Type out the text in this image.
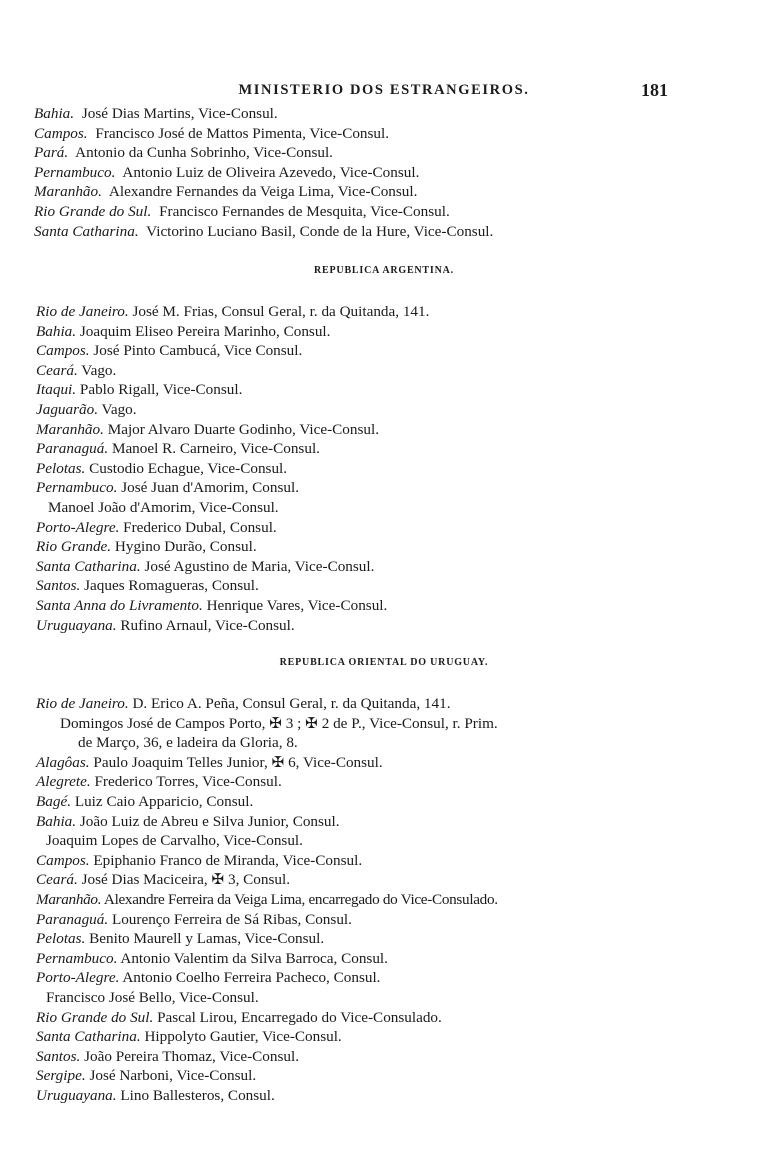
MINISTERIO DOS ESTRANGEIROS.	181
Bahia. José Dias Martins, Vice-Consul.
Campos. Francisco José de Mattos Pimenta, Vice-Consul.
Pará. Antonio da Cunha Sobrinho, Vice-Consul.
Pernambuco. Antonio Luiz de Oliveira Azevedo, Vice-Consul.
Maranhão. Alexandre Fernandes da Veiga Lima, Vice-Consul.
Rio Grande do Sul. Francisco Fernandes de Mesquita, Vice-Consul.
Santa Catharina. Victorino Luciano Basil, Conde de la Hure, Vice-Consul.
REPUBLICA ARGENTINA.
Rio de Janeiro. José M. Frias, Consul Geral, r. da Quitanda, 141.
Bahia. Joaquim Eliseo Pereira Marinho, Consul.
Campos. José Pinto Cambucá, Vice Consul.
Ceará. Vago.
Itaqui. Pablo Rigall, Vice-Consul.
Jaguarão. Vago.
Maranhão. Major Alvaro Duarte Godinho, Vice-Consul.
Paranaguá. Manoel R. Carneiro, Vice-Consul.
Pelotas. Custodio Echague, Vice-Consul.
Pernambuco. José Juan d'Amorim, Consul.
Manoel João d'Amorim, Vice-Consul.
Porto-Alegre. Frederico Dubal, Consul.
Rio Grande. Hygino Durão, Consul.
Santa Catharina. José Agustino de Maria, Vice-Consul.
Santos. Jaques Romagueras, Consul.
Santa Anna do Livramento. Henrique Vares, Vice-Consul.
Uruguayana. Rufino Arnaul, Vice-Consul.
REPUBLICA ORIENTAL DO URUGUAY.
Rio de Janeiro. D. Erico A. Peña, Consul Geral, r. da Quitanda, 141.
Domingos José de Campos Porto, ✠ 3 ; ✠ 2 de P., Vice-Consul, r. Prim.
de Março, 36, e ladeira da Gloria, 8.
Alagôas. Paulo Joaquim Telles Junior, ✠ 6, Vice-Consul.
Alegrete. Frederico Torres, Vice-Consul.
Bagé. Luiz Caio Apparicio, Consul.
Bahia. João Luiz de Abreu e Silva Junior, Consul.
Joaquim Lopes de Carvalho, Vice-Consul.
Campos. Epiphanio Franco de Miranda, Vice-Consul.
Ceará. José Dias Maciceira, ✠ 3, Consul.
Maranhão. Alexandre Ferreira da Veiga Lima, encarregado do Vice-Consulado.
Paranaguá. Lourenço Ferreira de Sá Ribas, Consul.
Pelotas. Benito Maurell y Lamas, Vice-Consul.
Pernambuco. Antonio Valentim da Silva Barroca, Consul.
Porto-Alegre. Antonio Coelho Ferreira Pacheco, Consul.
Francisco José Bello, Vice-Consul.
Rio Grande do Sul. Pascal Lirou, Encarregado do Vice-Consulado.
Santa Catharina. Hippolyto Gautier, Vice-Consul.
Santos. João Pereira Thomaz, Vice-Consul.
Sergipe. José Narboni, Vice-Consul.
Uruguayana. Lino Ballesteros, Consul.
